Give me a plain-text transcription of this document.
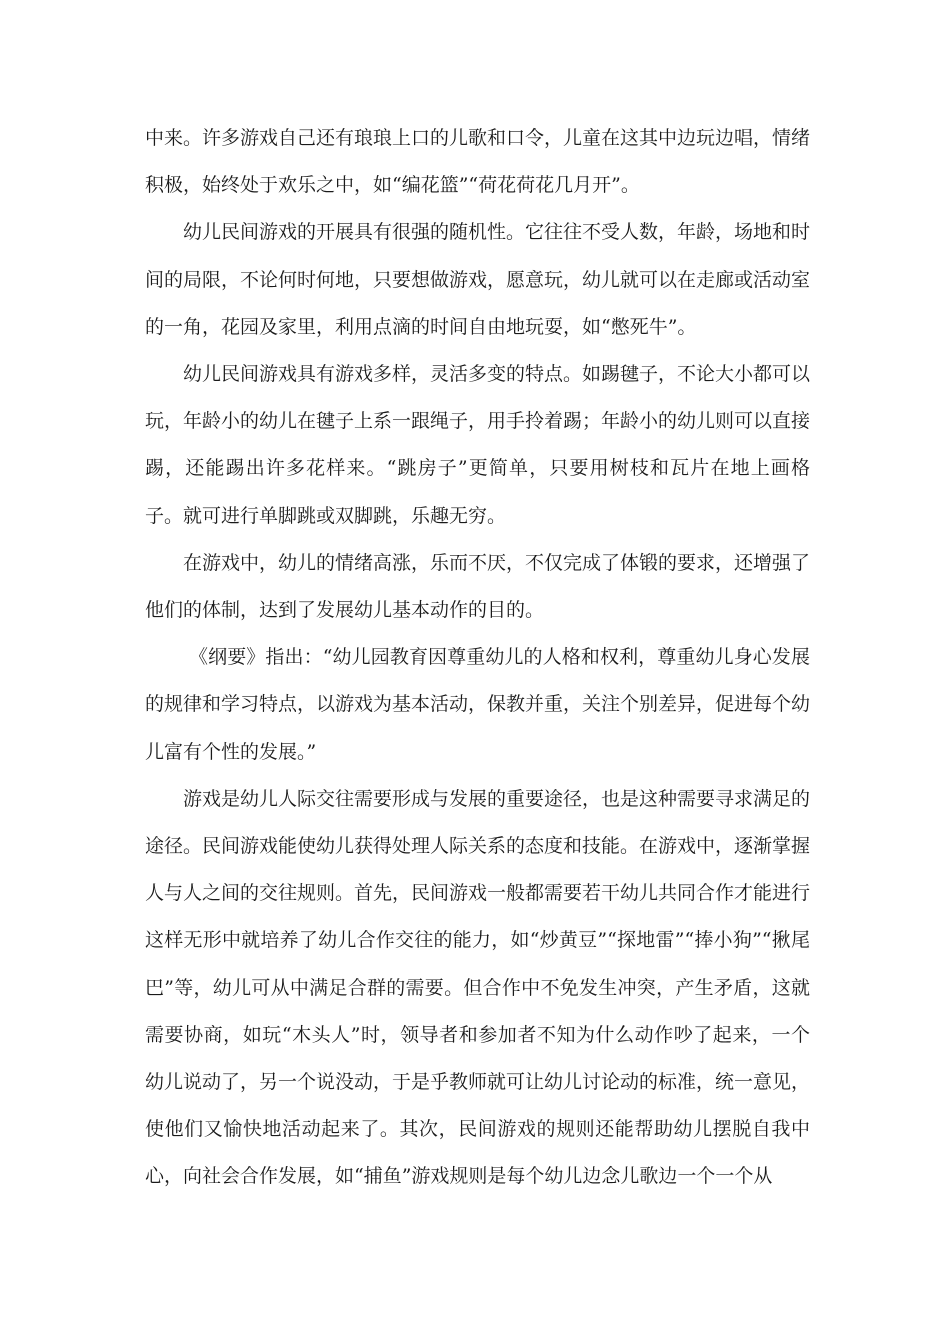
中来。许多游戏自己还有琅琅上口的儿歌和口令，儿童在这其中边玩边唱，情绪积极，始终处于欢乐之中，如“编花篮”“荷花荷花几月开”。

幼儿民间游戏的开展具有很强的随机性。它往往不受人数，年龄，场地和时间的局限，不论何时何地，只要想做游戏，愿意玩，幼儿就可以在走廊或活动室的一角，花园及家里，利用点滴的时间自由地玩耍，如“憋死牛”。

幼儿民间游戏具有游戏多样，灵活多变的特点。如踢毽子，不论大小都可以玩，年龄小的幼儿在毽子上系一跟绳子，用手拎着踢；年龄小的幼儿则可以直接踢，还能踢出许多花样来。“跳房子”更简单，只要用树枝和瓦片在地上画格子。就可进行单脚跳或双脚跳，乐趣无穷。

在游戏中，幼儿的情绪高涨，乐而不厌，不仅完成了体锻的要求，还增强了他们的体制，达到了发展幼儿基本动作的目的。

《纲要》指出：“幼儿园教育因尊重幼儿的人格和权利，尊重幼儿身心发展的规律和学习特点，以游戏为基本活动，保教并重，关注个别差异，促进每个幼儿富有个性的发展。”

游戏是幼儿人际交往需要形成与发展的重要途径，也是这种需要寻求满足的途径。民间游戏能使幼儿获得处理人际关系的态度和技能。在游戏中，逐渐掌握人与人之间的交往规则。首先，民间游戏一般都需要若干幼儿共同合作才能进行这样无形中就培养了幼儿合作交往的能力，如“炒黄豆”“探地雷”“捧小狗”“揪尾巴”等，幼儿可从中满足合群的需要。但合作中不免发生冲突，产生矛盾，这就需要协商，如玩“木头人”时，领导者和参加者不知为什么动作吵了起来，一个幼儿说动了，另一个说没动，于是乎教师就可让幼儿讨论动的标准，统一意见，使他们又愉快地活动起来了。其次，民间游戏的规则还能帮助幼儿摆脱自我中心，向社会合作发展，如“捕鱼”游戏规则是每个幼儿边念儿歌边一个一个从
